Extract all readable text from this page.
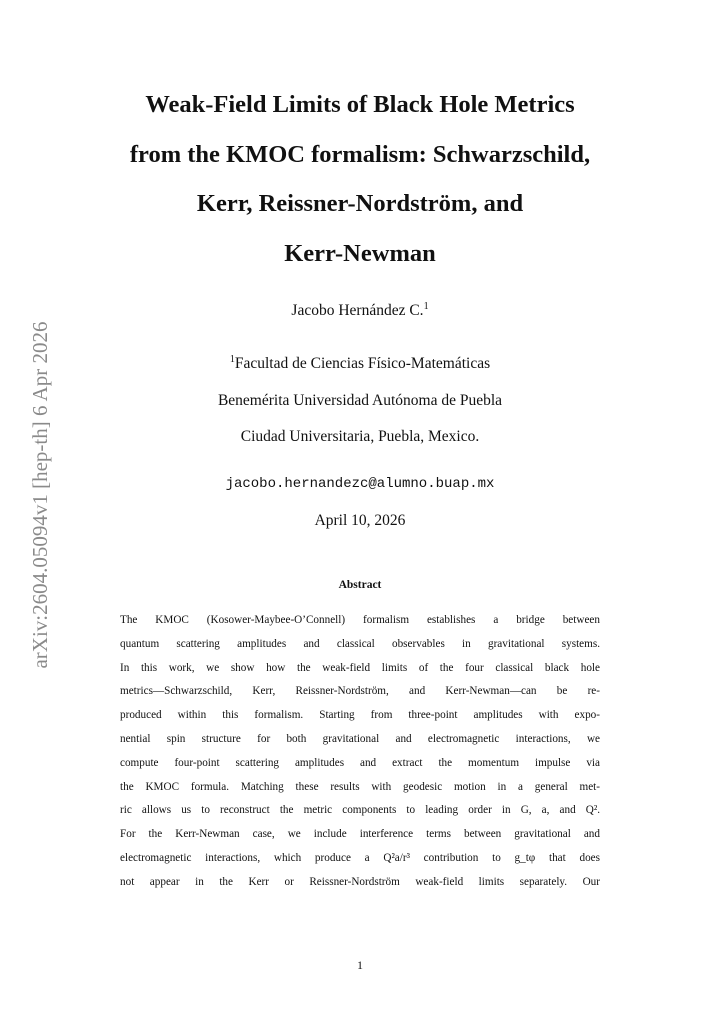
arXiv:2604.05094v1 [hep-th] 6 Apr 2026
Weak-Field Limits of Black Hole Metrics
from the KMOC formalism: Schwarzschild,
Kerr, Reissner-Nordström, and
Kerr-Newman
Jacobo Hernández C.$^1$
$^1$Facultad de Ciencias Físico-Matemáticas
Benemérita Universidad Autónoma de Puebla
Ciudad Universitaria, Puebla, Mexico.
jacobo.hernandezc@alumno.buap.mx
April 10, 2026
Abstract
The KMOC (Kosower-Maybee-O’Connell) formalism establishes a bridge between
quantum scattering amplitudes and classical observables in gravitational systems.
In this work, we show how the weak-field limits of the four classical black hole
metrics—Schwarzschild, Kerr, Reissner-Nordström, and Kerr-Newman—can be re-
produced within this formalism. Starting from three-point amplitudes with expo-
nential spin structure for both gravitational and electromagnetic interactions, we
compute four-point scattering amplitudes and extract the momentum impulse via
the KMOC formula. Matching these results with geodesic motion in a general met-
ric allows us to reconstruct the metric components to leading order in G, a, and Q².
For the Kerr-Newman case, we include interference terms between gravitational and
electromagnetic interactions, which produce a Q²a/r³ contribution to g_tφ that does
not appear in the Kerr or Reissner-Nordström weak-field limits separately. Our
1
